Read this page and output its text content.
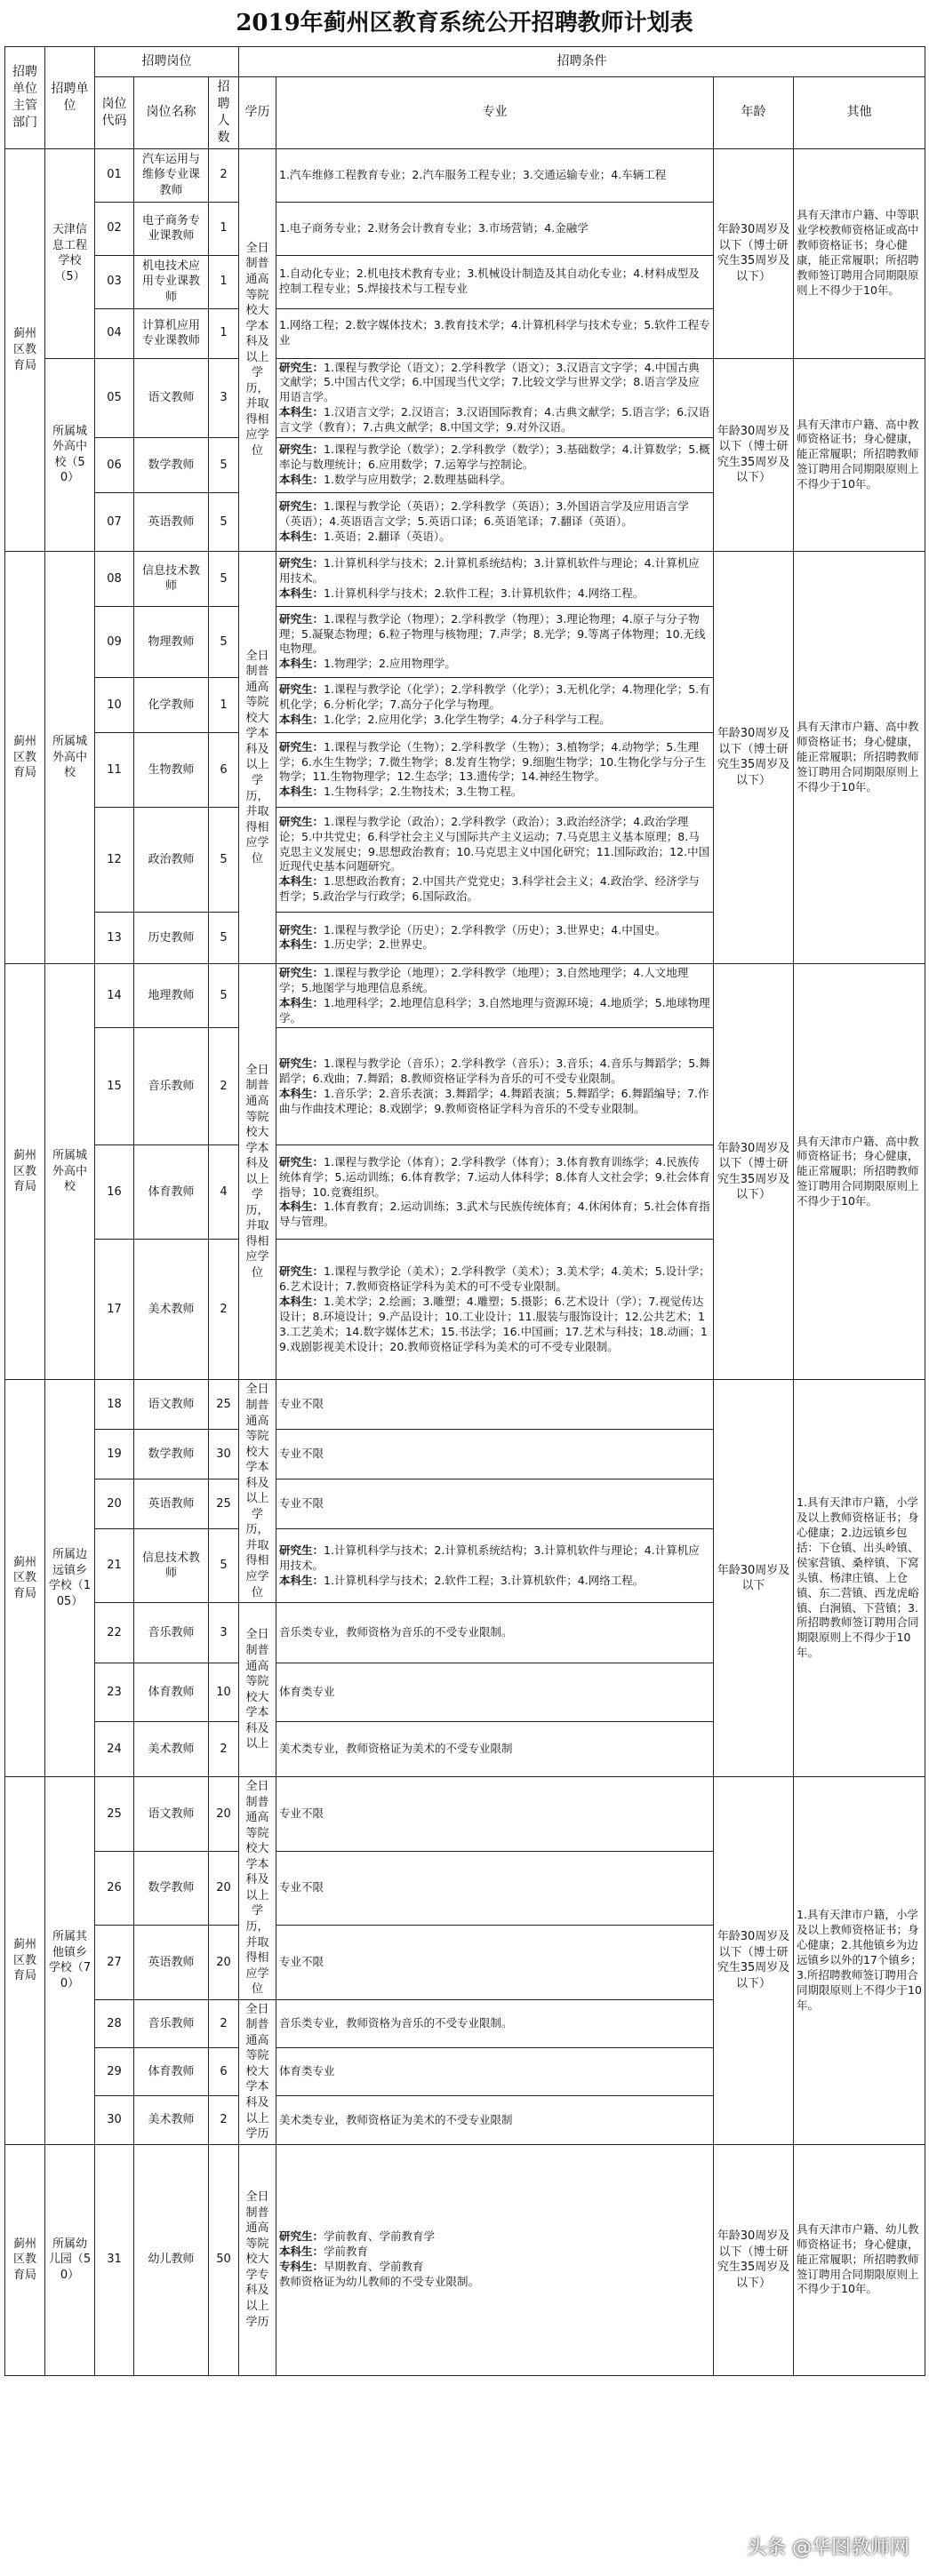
2019年蓟州区教育系统公开招聘教师计划表
招聘单位主管部门	招聘单位	招聘岗位			招聘条件			
		岗位代码	岗位名称	招聘人数	学历	专业	年龄	其他
蓟州区教育局	天津信息工程学校（5）	01	汽车运用与维修专业课教师	2	全日制普通高等院校大学本科及以上学历，并取得相应学位	1.汽车维修工程教育专业；2.汽车服务工程专业；3.交通运输专业；4.车辆工程	年龄30周岁及以下（博士研究生35周岁及以下）	具有天津市户籍、中等职业学校教师资格证或高中教师资格证书；身心健康，能正常履职；所招聘教师签订聘用合同期限原则上不得少于10年。
		02	电子商务专业课教师	1		1.电子商务专业；2.财务会计教育专业；3.市场营销；4.金融学		
		03	机电技术应用专业课教师	1		1.自动化专业；2.机电技术教育专业；3.机械设计制造及其自动化专业；4.材料成型及控制工程专业；5.焊接技术与工程专业		
		04	计算机应用专业课教师	1		1.网络工程；2.数字媒体技术；3.教育技术学；4.计算机科学与技术专业；5.软件工程专业		
	所属城外高中校（50）	05	语文教师	3		研究生：1.课程与教学论（语文）；2.学科教学（语文）；3.汉语言文字学；4.中国古典文献学；5.中国古代文学；6.中国现当代文学；7.比较文学与世界文学；8.语言学及应用语言学。
本科生：1.汉语言文学；2.汉语言；3.汉语国际教育；4.古典文献学；5.语言学；6.汉语言文学（教育）；7.古典文献学；8.中国文学；9.对外汉语。	年龄30周岁及以下（博士研究生35周岁及以下）	具有天津市户籍、高中教师资格证书；身心健康，能正常履职；所招聘教师签订聘用合同期限原则上不得少于10年。
		06	数学教师	5		研究生：1.课程与教学论（数学）；2.学科教学（数学）；3.基础数学；4.计算数学；5.概率论与数理统计；6.应用数学；7.运筹学与控制论。
本科生：1.数学与应用数学；2.数理基础科学。		
		07	英语教师	5		研究生：1.课程与教学论（英语）；2.学科教学（英语）；3.外国语言学及应用语言学（英语）；4.英语语言文学；5.英语口译；6.英语笔译；7.翻译（英语）。
本科生：1.英语；2.翻译（英语）。		
蓟州区教育局	所属城外高中校	08	信息技术教师	5	全日制普通高等院校大学本科及以上学历，并取得相应学位	研究生：1.计算机科学与技术；2.计算机系统结构；3.计算机软件与理论；4.计算机应用技术。
本科生：1.计算机科学与技术；2.软件工程；3.计算机软件；4.网络工程。	年龄30周岁及以下（博士研究生35周岁及以下）	具有天津市户籍、高中教师资格证书；身心健康，能正常履职；所招聘教师签订聘用合同期限原则上不得少于10年。
		09	物理教师	5		研究生：1.课程与教学论（物理）；2.学科教学（物理）；3.理论物理；4.原子与分子物理；5.凝聚态物理；6.粒子物理与核物理；7.声学；8.光学；9.等离子体物理；10.无线电物理。
本科生：1.物理学；2.应用物理学。		
		10	化学教师	1		研究生：1.课程与教学论（化学）；2.学科教学（化学）；3.无机化学；4.物理化学；5.有机化学；6.分析化学；7.高分子化学与物理。
本科生：1.化学；2.应用化学；3.化学生物学；4.分子科学与工程。		
		11	生物教师	6		研究生：1.课程与教学论（生物）；2.学科教学（生物）；3.植物学；4.动物学；5.生理学；6.水生生物学；7.微生物学；8.发育生物学；9.细胞生物学；10.生物化学与分子生物学；11.生物物理学；12.生态学；13.遗传学；14.神经生物学。
本科生：1.生物科学；2.生物技术；3.生物工程。		
		12	政治教师	5		研究生：1.课程与教学论（政治）；2.学科教学（政治）；3.政治经济学；4.政治学理论；5.中共党史；6.科学社会主义与国际共产主义运动；7.马克思主义基本原理；8.马克思主义发展史；9.思想政治教育；10.马克思主义中国化研究；11.国际政治；12.中国近现代史基本问题研究。
本科生：1.思想政治教育；2.中国共产党党史；3.科学社会主义；4.政治学、经济学与哲学；5.政治学与行政学；6.国际政治。		
		13	历史教师	5		研究生：1.课程与教学论（历史）；2.学科教学（历史）；3.世界史；4.中国史。
本科生：1.历史学；2.世界史。		
蓟州区教育局	所属城外高中校	14	地理教师	5	全日制普通高等院校大学本科及以上学历，并取得相应学位	研究生：1.课程与教学论（地理）；2.学科教学（地理）；3.自然地理学；4.人文地理学；5.地图学与地理信息系统。
本科生：1.地理科学；2.地理信息科学；3.自然地理与资源环境；4.地质学；5.地球物理学。	年龄30周岁及以下（博士研究生35周岁及以下）	具有天津市户籍、高中教师资格证书；身心健康，能正常履职；所招聘教师签订聘用合同期限原则上不得少于10年。
		15	音乐教师	2		研究生：1.课程与教学论（音乐）；2.学科教学（音乐）；3.音乐；4.音乐与舞蹈学；5.舞蹈学；6.戏曲；7.舞蹈；8.教师资格证学科为音乐的可不受专业限制。
本科生：1.音乐学；2.音乐表演；3.舞蹈学；4.舞蹈表演；5.舞蹈学；6.舞蹈编导；7.作曲与作曲技术理论；8.戏剧学；9.教师资格证学科为音乐的不受专业限制。		
		16	体育教师	4		研究生：1.课程与教学论（体育）；2.学科教学（体育）；3.体育教育训练学；4.民族传统体育学；5.运动训练；6.体育教学；7.运动人体科学；8.体育人文社会学；9.社会体育指导；10.竞赛组织。
本科生：1.体育教育；2.运动训练；3.武术与民族传统体育；4.休闲体育；5.社会体育指导与管理。		
		17	美术教师	2		研究生：1.课程与教学论（美术）；2.学科教学（美术）；3.美术学；4.美术；5.设计学；6.艺术设计；7.教师资格证学科为美术的可不受专业限制。
本科生：1.美术学；2.绘画；3.雕塑；4.雕塑；5.摄影；6.艺术设计（学）；7.视觉传达设计；8.环境设计；9.产品设计；10.工业设计；11.服装与服饰设计；12.公共艺术；13.工艺美术；14.数字媒体艺术；15.书法学；16.中国画；17.艺术与科技；18.动画；19.戏剧影视美术设计；20.教师资格证学科为美术的可不受专业限制。		
蓟州区教育局	所属边远镇乡学校（105）	18	语文教师	25	全日制普通高等院校大学本科及以上学历，并取得相应学位	专业不限	年龄30周岁及以下	1.具有天津市户籍，小学及以上教师资格证书；身心健康；2.边远镇乡包括：下仓镇、出头岭镇、侯家营镇、桑梓镇、下窝头镇、杨津庄镇、上仓镇、东二营镇、西龙虎峪镇、白涧镇、下营镇；3.所招聘教师签订聘用合同期限原则上不得少于10年。
		19	数学教师	30		专业不限		
		20	英语教师	25		专业不限		
		21	信息技术教师	5		研究生：1.计算机科学与技术；2.计算机系统结构；3.计算机软件与理论；4.计算机应用技术。
本科生：1.计算机科学与技术；2.软件工程；3.计算机软件；4.网络工程。		
		22	音乐教师	3	全日制普通高等院校大学本科及以上	音乐类专业，教师资格为音乐的不受专业限制。		
		23	体育教师	10		体育类专业		
		24	美术教师	2		美术类专业，教师资格证为美术的不受专业限制		
蓟州区教育局	所属其他镇乡学校（70）	25	语文教师	20	全日制普通高等院校大学本科及以上学历，并取得相应学位	专业不限	年龄30周岁及以下（博士研究生35周岁及以下）	1.具有天津市户籍，小学及以上教师资格证书；身心健康；2.其他镇乡为边远镇乡以外的17个镇乡；3.所招聘教师签订聘用合同期限原则上不得少于10年。
		26	数学教师	20		专业不限		
		27	英语教师	20		专业不限		
		28	音乐教师	2	全日制普通高等院校大学本科及以上学历	音乐类专业，教师资格为音乐的不受专业限制。		
		29	体育教师	6		体育类专业		
		30	美术教师	2		美术类专业，教师资格证为美术的不受专业限制		
蓟州区教育局	所属幼儿园（50）	31	幼儿教师	50	全日制普通高等院校大学专科及以上学历	研究生：学前教育、学前教育学
本科生：学前教育
专科生：早期教育、学前教育
教师资格证为幼儿教师的不受专业限制。	年龄30周岁及以下（博士研究生35周岁及以下）	具有天津市户籍、幼儿教师资格证书；身心健康，能正常履职；所招聘教师签订聘用合同期限原则上不得少于10年。
头条 @华图教师网
